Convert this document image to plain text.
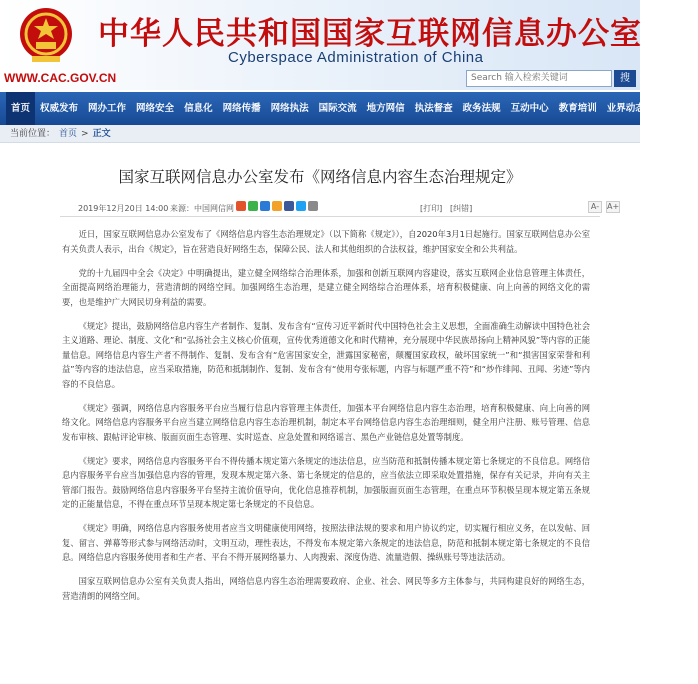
中华人民共和国国家互联网信息办公室
Cyberspace Administration of China
WWW.CAC.GOV.CN	Search 输入检索关键词	搜
首页	权威发布	网办工作	网络安全	信息化	网络传播	网络执法	国际交流	地方网信	执法督查	政务法规	互动中心	教育培训	业界动态	工作专题
当前位置： 首页 > 正文
国家互联网信息办公室发布《网络信息内容生态治理规定》
2019年12月20日 14:00 来源：中国网信网	[打印] [纠错]	A- A+

近日，国家互联网信息办公室发布了《网络信息内容生态治理规定》（以下简称《规定》），自2020年3月1日起施行。国家互联网信息办公室有关负责人表示，出台《规定》，旨在营造良好网络生态，保障公民、法人和其他组织的合法权益，维护国家安全和公共利益。

党的十九届四中全会《决定》中明确提出，建立健全网络综合治理体系，加强和创新互联网内容建设，落实互联网企业信息管理主体责任，全面提高网络治理能力，营造清朗的网络空间。加强网络生态治理，是建立健全网络综合治理体系，培育积极健康、向上向善的网络文化的需要，也是维护广大网民切身利益的需要。

《规定》提出，鼓励网络信息内容生产者制作、复制、发布含有“宣传习近平新时代中国特色社会主义思想，全面准确生动解读中国特色社会主义道路、理论、制度、文化”和“弘扬社会主义核心价值观，宣传优秀道德文化和时代精神，充分展现中华民族昂扬向上精神风貌”等内容的正能量信息。网络信息内容生产者不得制作、复制、发布含有“危害国家安全，泄露国家秘密，颠覆国家政权，破坏国家统一”和“损害国家荣誉和利益”等内容的违法信息，应当采取措施，防范和抵制制作、复制、发布含有“使用夸张标题，内容与标题严重不符”和“炒作绯闻、丑闻、劣迹”等内容的不良信息。

《规定》强调，网络信息内容服务平台应当履行信息内容管理主体责任，加强本平台网络信息内容生态治理，培育积极健康、向上向善的网络文化。网络信息内容服务平台应当建立网络信息内容生态治理机制，制定本平台网络信息内容生态治理细则，健全用户注册、账号管理、信息发布审核、跟帖评论审核、版面页面生态管理、实时巡查、应急处置和网络谣言、黑色产业链信息处置等制度。

《规定》要求，网络信息内容服务平台不得传播本规定第六条规定的违法信息，应当防范和抵制传播本规定第七条规定的不良信息。网络信息内容服务平台应当加强信息内容的管理，发现本规定第六条、第七条规定的信息的，应当依法立即采取处置措施，保存有关记录，并向有关主管部门报告。鼓励网络信息内容服务平台坚持主流价值导向，优化信息推荐机制，加强版面页面生态管理，在重点环节积极呈现本规定第五条规定的正能量信息，不得在重点环节呈现本规定第七条规定的不良信息。

《规定》明确，网络信息内容服务使用者应当文明健康使用网络，按照法律法规的要求和用户协议约定，切实履行相应义务，在以发帖、回复、留言、弹幕等形式参与网络活动时，文明互动，理性表达，不得发布本规定第六条规定的违法信息，防范和抵制本规定第七条规定的不良信息。网络信息内容服务使用者和生产者、平台不得开展网络暴力、人肉搜索、深度伪造、流量造假、操纵账号等违法活动。

国家互联网信息办公室有关负责人指出，网络信息内容生态治理需要政府、企业、社会、网民等多方主体参与，共同构建良好的网络生态，营造清朗的网络空间。
